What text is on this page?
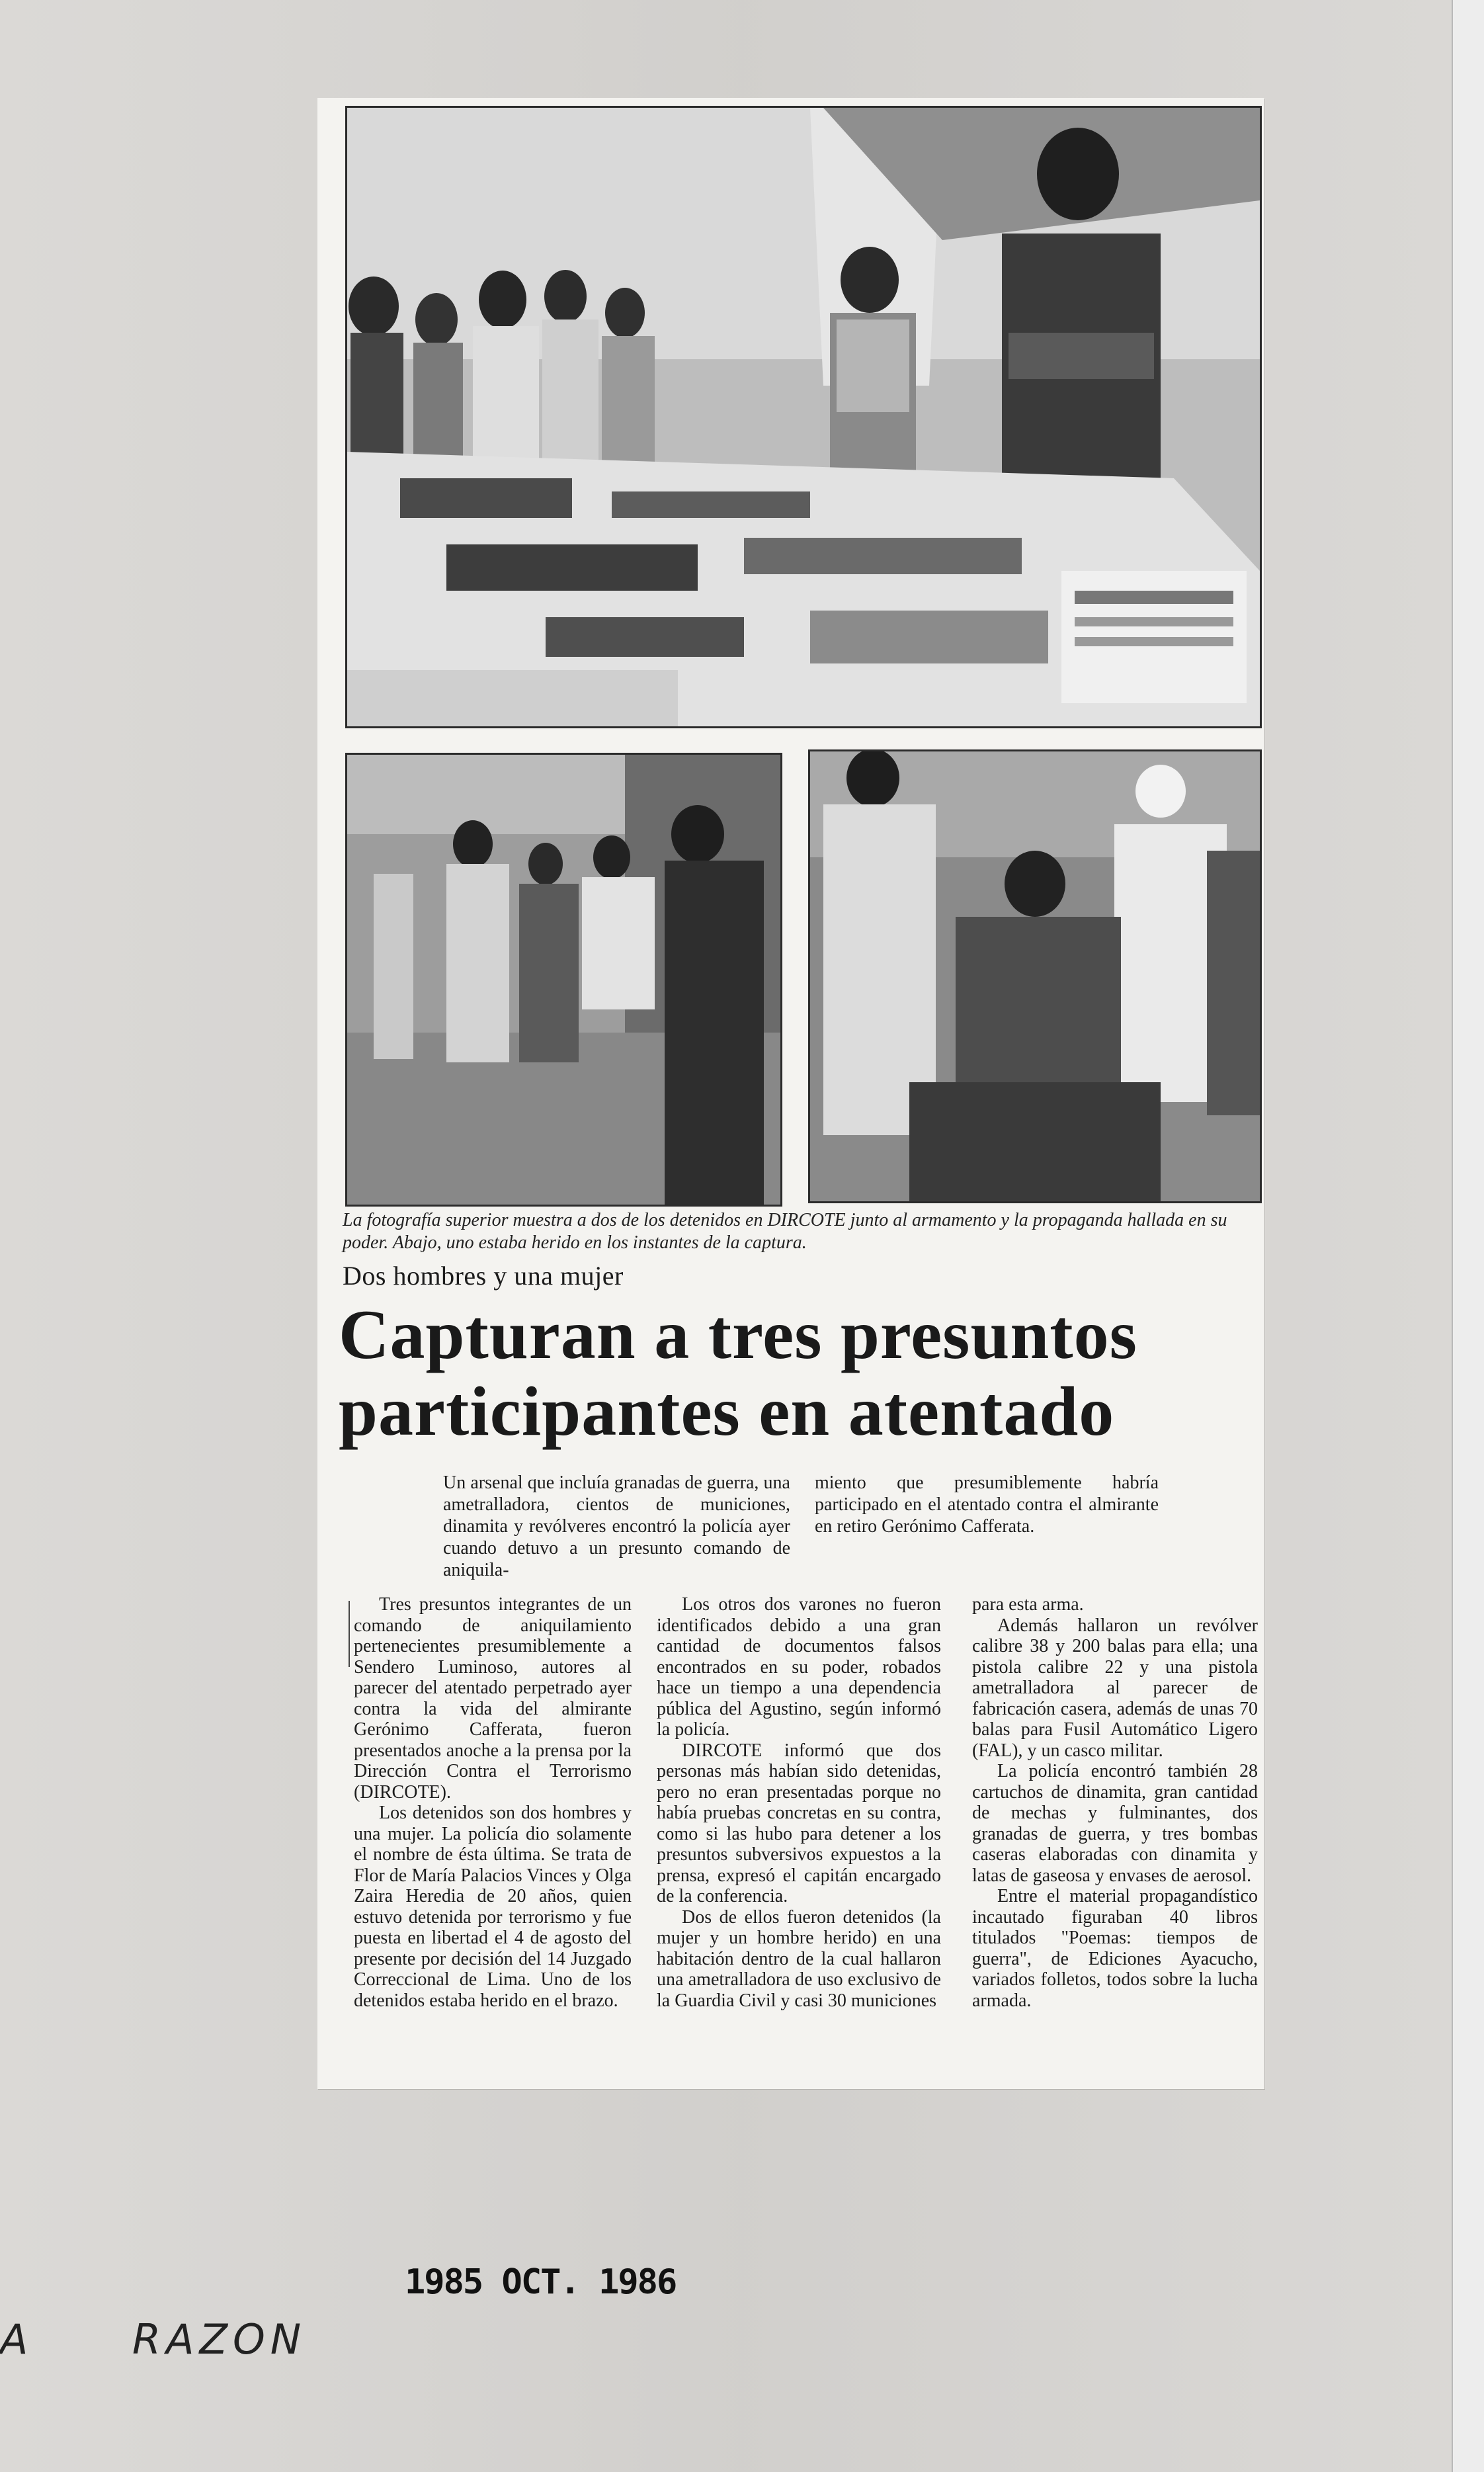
La fotografía superior muestra a dos de los detenidos en DIRCOTE junto al armamento y la propaganda hallada en su poder. Abajo, uno estaba herido en los instantes de la captura.
Dos hombres y una mujer
Capturan a tres presuntos
participantes en atentado
Un arsenal que incluía granadas de guerra, una ametralladora, cientos de municiones, dinamita y revólveres encontró la policía ayer cuando detuvo a un presunto comando de aniquila-
miento que presumiblemente habría participado en el atentado contra el almirante en retiro Gerónimo Cafferata.

Tres presuntos integrantes de un comando de aniquilamiento pertenecientes presumiblemente a Sendero Luminoso, autores al parecer del atentado perpetrado ayer contra la vida del almirante Gerónimo Cafferata, fueron presentados anoche a la prensa por la Dirección Contra el Terrorismo (DIRCOTE).

Los detenidos son dos hombres y una mujer. La policía dio solamente el nombre de ésta última. Se trata de Flor de María Palacios Vinces y Olga Zaira Heredia de 20 años, quien estuvo detenida por terrorismo y fue puesta en libertad el 4 de agosto del presente por decisión del 14 Juzgado Correccional de Lima. Uno de los detenidos estaba herido en el brazo.

Los otros dos varones no fueron identificados debido a una gran cantidad de documentos falsos encontrados en su poder, robados hace un tiempo a una dependencia pública del Agustino, según informó la policía.

DIRCOTE informó que dos personas más habían sido detenidas, pero no eran presentadas porque no había pruebas concretas en su contra, como si las hubo para detener a los presuntos subversivos expuestos a la prensa, expresó el capitán encargado de la conferencia.

Dos de ellos fueron detenidos (la mujer y un hombre herido) en una habitación dentro de la cual hallaron una ametralladora de uso exclusivo de la Guardia Civil y casi 30 municiones

para esta arma.

Además hallaron un revólver calibre 38 y 200 balas para ella; una pistola calibre 22 y una pistola ametralladora al parecer de fabricación casera, además de unas 70 balas para Fusil Automático Ligero (FAL), y un casco militar.

La policía encontró también 28 cartuchos de dinamita, gran cantidad de mechas y fulminantes, dos granadas de guerra, y tres bombas caseras elaboradas con dinamita y latas de gaseosa y envases de aerosol.

Entre el material propagandístico incautado figuraban 40 libros titulados "Poemas: tiempos de guerra", de Ediciones Ayacucho, variados folletos, todos sobre la lucha armada.

1985 OCT. 1986
A RAZON
